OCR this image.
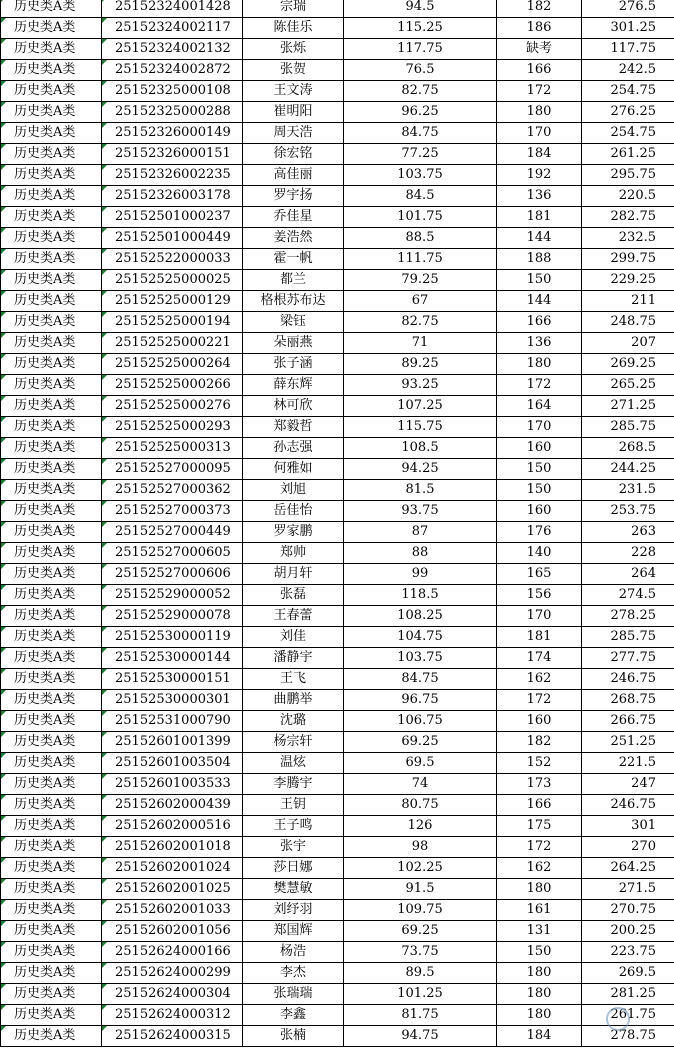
历史类A类	25152324001428	宗瑞	94.5	182	276.5
历史类A类	25152324002117	陈佳乐	115.25	186	301.25
历史类A类	25152324002132	张烁	117.75	缺考	117.75
历史类A类	25152324002872	张贺	76.5	166	242.5
历史类A类	25152325000108	王文涛	82.75	172	254.75
历史类A类	25152325000288	崔明阳	96.25	180	276.25
历史类A类	25152326000149	周天浩	84.75	170	254.75
历史类A类	25152326000151	徐宏铭	77.25	184	261.25
历史类A类	25152326002235	高佳丽	103.75	192	295.75
历史类A类	25152326003178	罗宇扬	84.5	136	220.5
历史类A类	25152501000237	乔佳星	101.75	181	282.75
历史类A类	25152501000449	姜浩然	88.5	144	232.5
历史类A类	25152522000033	霍一帆	111.75	188	299.75
历史类A类	25152525000025	都兰	79.25	150	229.25
历史类A类	25152525000129	格根苏布达	67	144	211
历史类A类	25152525000194	梁钰	82.75	166	248.75
历史类A类	25152525000221	朵丽燕	71	136	207
历史类A类	25152525000264	张子涵	89.25	180	269.25
历史类A类	25152525000266	薛东辉	93.25	172	265.25
历史类A类	25152525000276	林可欣	107.25	164	271.25
历史类A类	25152525000293	郑毅哲	115.75	170	285.75
历史类A类	25152525000313	孙志强	108.5	160	268.5
历史类A类	25152527000095	何雅如	94.25	150	244.25
历史类A类	25152527000362	刘旭	81.5	150	231.5
历史类A类	25152527000373	岳佳怡	93.75	160	253.75
历史类A类	25152527000449	罗家鹏	87	176	263
历史类A类	25152527000605	郑帅	88	140	228
历史类A类	25152527000606	胡月轩	99	165	264
历史类A类	25152529000052	张磊	118.5	156	274.5
历史类A类	25152529000078	王春蕾	108.25	170	278.25
历史类A类	25152530000119	刘佳	104.75	181	285.75
历史类A类	25152530000144	潘静宇	103.75	174	277.75
历史类A类	25152530000151	王飞	84.75	162	246.75
历史类A类	25152530000301	曲鹏举	96.75	172	268.75
历史类A类	25152531000790	沈璐	106.75	160	266.75
历史类A类	25152601001399	杨宗轩	69.25	182	251.25
历史类A类	25152601003504	温炫	69.5	152	221.5
历史类A类	25152601003533	李腾宇	74	173	247
历史类A类	25152602000439	王钥	80.75	166	246.75
历史类A类	25152602000516	王子鸣	126	175	301
历史类A类	25152602001018	张宇	98	172	270
历史类A类	25152602001024	莎日娜	102.25	162	264.25
历史类A类	25152602001025	樊慧敏	91.5	180	271.5
历史类A类	25152602001033	刘纾羽	109.75	161	270.75
历史类A类	25152602001056	郑国辉	69.25	131	200.25
历史类A类	25152624000166	杨浩	73.75	150	223.75
历史类A类	25152624000299	李杰	89.5	180	269.5
历史类A类	25152624000304	张瑞瑞	101.25	180	281.25
历史类A类	25152624000312	李鑫	81.75	180	261.75
历史类A类	25152624000315	张楠	94.75	184	278.75
